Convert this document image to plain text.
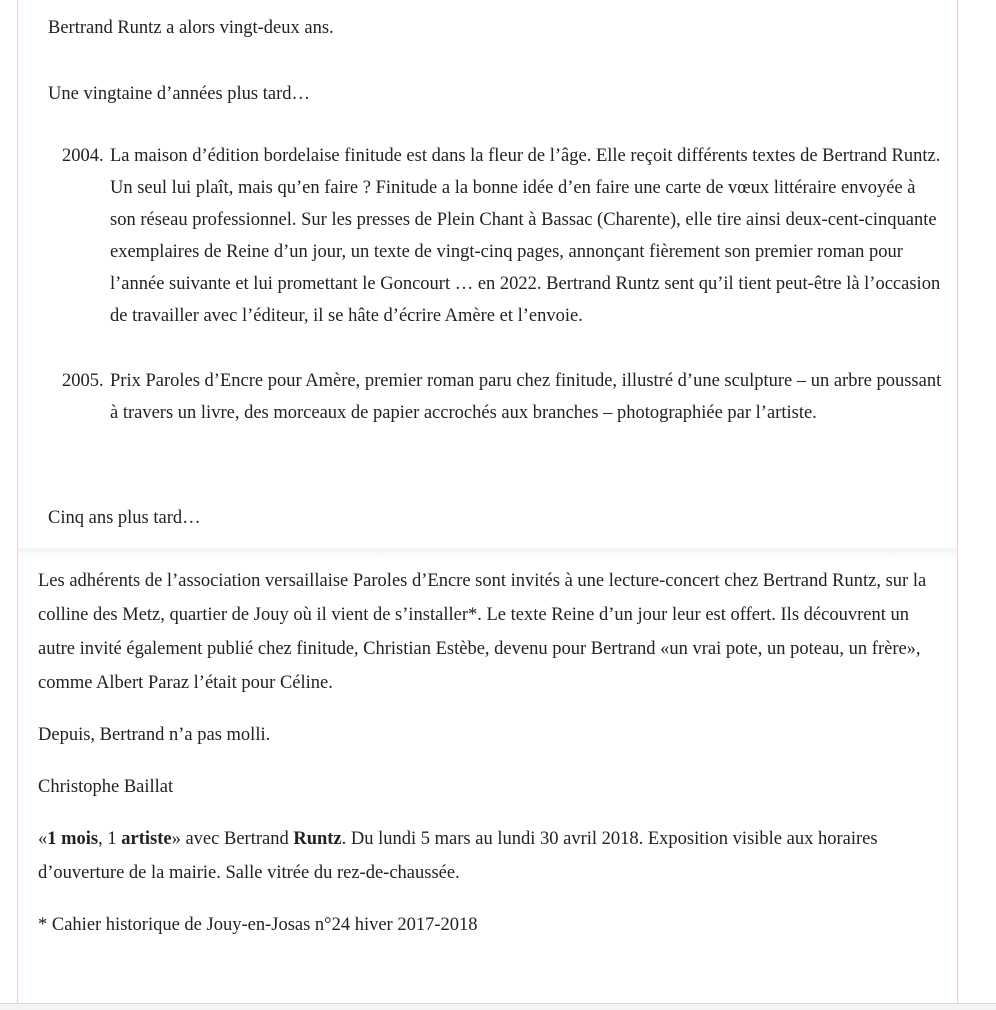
Bertrand Runtz a alors vingt-deux ans.

Une vingtaine d’années plus tard…

2004. La maison d’édition bordelaise finitude est dans la fleur de l’âge. Elle reçoit différents textes de Bertrand Runtz. Un seul lui plaît, mais qu’en faire ? Finitude a la bonne idée d’en faire une carte de vœux littéraire envoyée à son réseau professionnel. Sur les presses de Plein Chant à Bassac (Charente), elle tire ainsi deux-cent-cinquante exemplaires de Reine d’un jour, un texte de vingt-cinq pages, annonçant fièrement son premier roman pour l’année suivante et lui promettant le Goncourt … en 2022. Bertrand Runtz sent qu’il tient peut-être là l’occasion de travailler avec l’éditeur, il se hâte d’écrire Amère et l’envoie.
2005. Prix Paroles d’Encre pour Amère, premier roman paru chez finitude, illustré d’une sculpture – un arbre poussant à travers un livre, des morceaux de papier accrochés aux branches – photographiée par l’artiste.

Cinq ans plus tard…

Les adhérents de l’association versaillaise Paroles d’Encre sont invités à une lecture-concert chez Bertrand Runtz, sur la colline des Metz, quartier de Jouy où il vient de s’installer*. Le texte Reine d’un jour leur est offert. Ils découvrent un autre invité également publié chez finitude, Christian Estèbe, devenu pour Bertrand «un vrai pote, un poteau, un frère», comme Albert Paraz l’était pour Céline.

Depuis, Bertrand n’a pas molli.

Christophe Baillat

«1 mois, 1 artiste» avec Bertrand Runtz. Du lundi 5 mars au lundi 30 avril 2018. Exposition visible aux horaires d’ouverture de la mairie. Salle vitrée du rez-de-chaussée.

* Cahier historique de Jouy-en-Josas n°24 hiver 2017-2018
